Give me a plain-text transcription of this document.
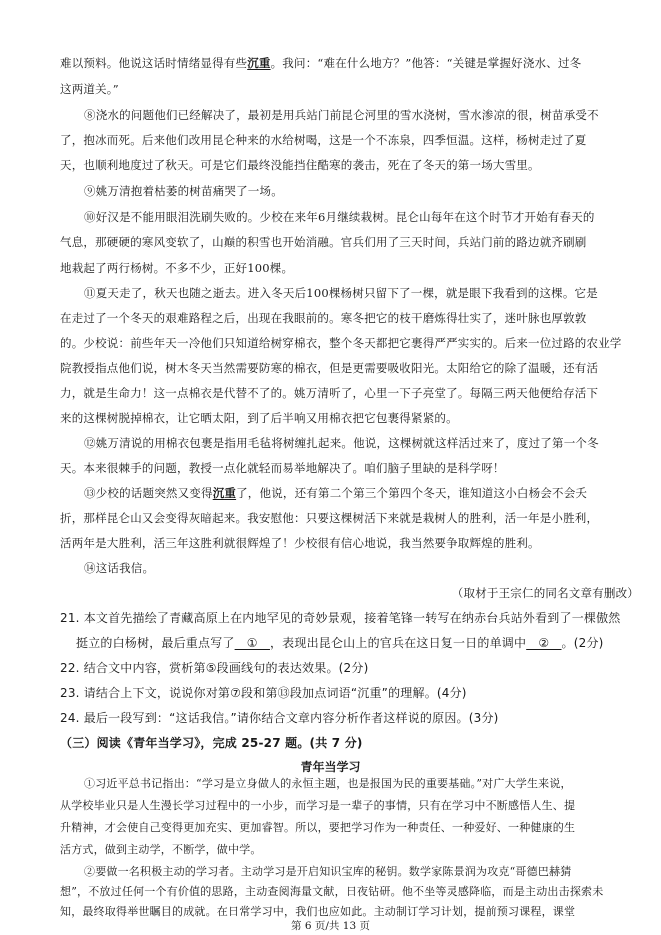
难以预料。他说这话时情绪显得有些沉重。我问：“难在什么地方？”他答：“关键是掌握好浇水、过冬
这两道关。”
⑧浇水的问题他们已经解决了，最初是用兵站门前昆仑河里的雪水浇树，雪水渗凉的很，树苗承受不
了，抱冰而死。后来他们改用昆仑种来的水给树喝，这是一个不冻泉，四季恒温。这样，杨树走过了夏
天，也顺利地度过了秋天。可是它们最终没能挡住酷寒的袭击，死在了冬天的第一场大雪里。
⑨姚万清抱着枯萎的树苗痛哭了一场。
⑩好汉是不能用眼泪洗刷失败的。少校在来年6月继续栽树。昆仑山每年在这个时节才开始有春天的
气息，那硬硬的寒风变软了，山巅的积雪也开始消融。官兵们用了三天时间，兵站门前的路边就齐刷刷
地栽起了两行杨树。不多不少，正好100棵。
⑪夏天走了，秋天也随之逝去。进入冬天后100棵杨树只留下了一棵，就是眼下我看到的这棵。它是
在走过了一个冬天的艰难路程之后，出现在我眼前的。寒冬把它的枝干磨炼得壮实了，迷叶脉也厚敦敦
的。少校说：前些年天一冷他们只知道给树穿棉衣，整个冬天都把它裹得严严实实的。后来一位过路的农业学
院教授指点他们说，树木冬天当然需要防寒的棉衣，但是更需要吸收阳光。太阳给它的除了温暖，还有活
力，就是生命力！这一点棉衣是代替不了的。姚万清听了，心里一下子亮堂了。每隔三两天他便给存活下
来的这棵树脱掉棉衣，让它晒太阳，到了后半响又用棉衣把它包裹得紧紧的。
⑫姚万清说的用棉衣包裹是指用毛毡将树缠扎起来。他说，这棵树就这样活过来了，度过了第一个冬
天。本来很棘手的问题，教授一点化就轻而易举地解决了。咱们脑子里缺的是科学呀！
⑬少校的话题突然又变得沉重了，他说，还有第二个第三个第四个冬天，谁知道这小白杨会不会夭
折，那样昆仑山又会变得灰暗起来。我安慰他：只要这棵树活下来就是栽树人的胜利，活一年是小胜利，
活两年是大胜利，活三年这胜利就很辉煌了！少校很有信心地说，我当然要争取辉煌的胜利。
⑭这话我信。
（取材于王宗仁的同名文章有删改）
21. 本文首先描绘了青藏高原上在内地罕见的奇妙景观，接着笔锋一转写在纳赤台兵站外看到了一棵傲然
挺立的白杨树，最后重点写了　①　，表现出昆仑山上的官兵在这日复一日的单调中　②　。(2分)
22. 结合文中内容，赏析第⑤段画线句的表达效果。(2分)
23. 请结合上下文，说说你对第⑦段和第⑬段加点词语“沉重”的理解。(4分)
24. 最后一段写到：“这话我信。”请你结合文章内容分析作者这样说的原因。(3分)
（三）阅读《青年当学习》，完成 25-27 题。(共 7 分)
青年当学习
第 6 页/共 13 页
①习近平总书记指出：“学习是立身做人的永恒主题，也是报国为民的重要基础。”对广大学生来说，
从学校毕业只是人生漫长学习过程中的一小步，而学习是一辈子的事情，只有在学习中不断感悟人生、提
升精神，才会使自己变得更加充实、更加睿智。所以，要把学习作为一种责任、一种爱好、一种健康的生
活方式，做到主动学，不断学，做中学。
②要做一名积极主动的学习者。主动学习是开启知识宝库的秘钥。数学家陈景润为攻克“哥德巴赫猜
想”，不放过任何一个有价值的思路，主动查阅海量文献，日夜钻研。他不坐等灵感降临，而是主动出击探索未
知，最终取得举世瞩目的成就。在日常学习中，我们也应如此。主动制订学习计划，提前预习课程，课堂
